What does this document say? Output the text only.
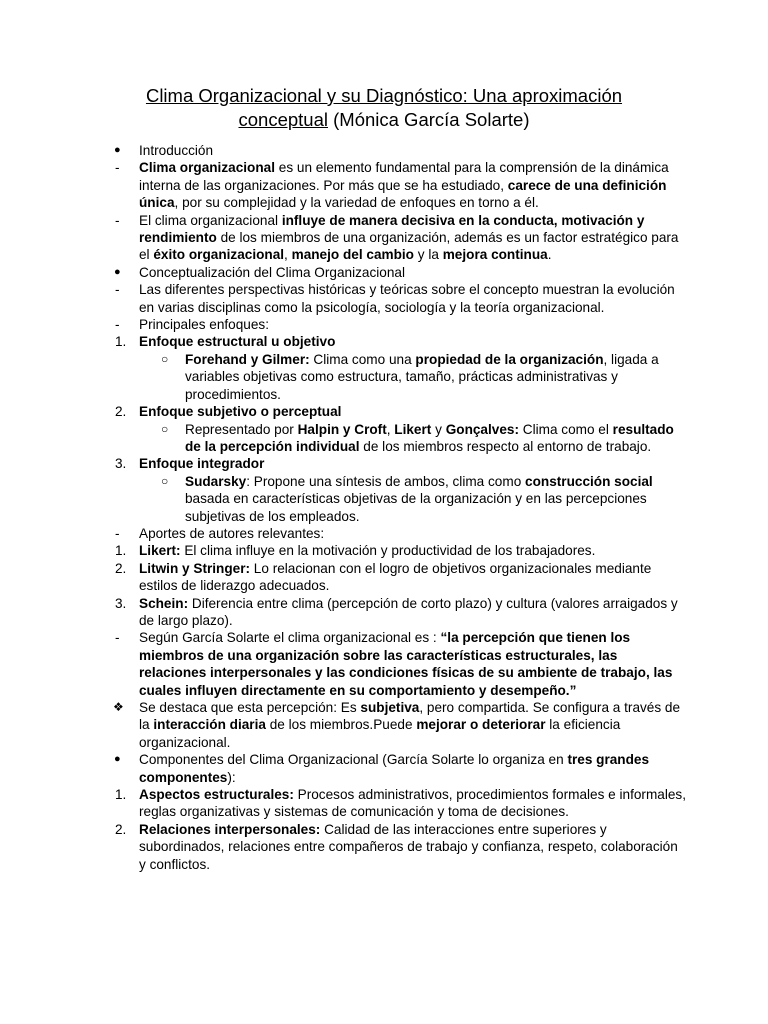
Clima Organizacional y su Diagnóstico: Una aproximación conceptual (Mónica García Solarte)
● Introducción
- Clima organizacional es un elemento fundamental para la comprensión de la dinámica interna de las organizaciones. Por más que se ha estudiado, carece de una definición única, por su complejidad y la variedad de enfoques en torno a él.
- El clima organizacional influye de manera decisiva en la conducta, motivación y rendimiento de los miembros de una organización, además es un factor estratégico para el éxito organizacional, manejo del cambio y la mejora continua.
● Conceptualización del Clima Organizacional
- Las diferentes perspectivas históricas y teóricas sobre el concepto muestran la evolución en varias disciplinas como la psicología, sociología y la teoría organizacional.
- Principales enfoques:
1. Enfoque estructural u objetivo
○ Forehand y Gilmer: Clima como una propiedad de la organización, ligada a variables objetivas como estructura, tamaño, prácticas administrativas y procedimientos.
2. Enfoque subjetivo o perceptual
○ Representado por Halpin y Croft, Likert y Gonçalves: Clima como el resultado de la percepción individual de los miembros respecto al entorno de trabajo.
3. Enfoque integrador
○ Sudarsky: Propone una síntesis de ambos, clima como construcción social basada en características objetivas de la organización y en las percepciones subjetivas de los empleados.
- Aportes de autores relevantes:
1. Likert: El clima influye en la motivación y productividad de los trabajadores.
2. Litwin y Stringer: Lo relacionan con el logro de objetivos organizacionales mediante estilos de liderazgo adecuados.
3. Schein: Diferencia entre clima (percepción de corto plazo) y cultura (valores arraigados y de largo plazo).
- Según García Solarte el clima organizacional es : “la percepción que tienen los miembros de una organización sobre las características estructurales, las relaciones interpersonales y las condiciones físicas de su ambiente de trabajo, las cuales influyen directamente en su comportamiento y desempeño.”
❖ Se destaca que esta percepción: Es subjetiva, pero compartida. Se configura a través de la interacción diaria de los miembros.Puede mejorar o deteriorar la eficiencia organizacional.
● Componentes del Clima Organizacional (García Solarte lo organiza en tres grandes componentes):
1. Aspectos estructurales: Procesos administrativos, procedimientos formales e informales, reglas organizativas y sistemas de comunicación y toma de decisiones.
2. Relaciones interpersonales: Calidad de las interacciones entre superiores y subordinados, relaciones entre compañeros de trabajo y confianza, respeto, colaboración y conflictos.
